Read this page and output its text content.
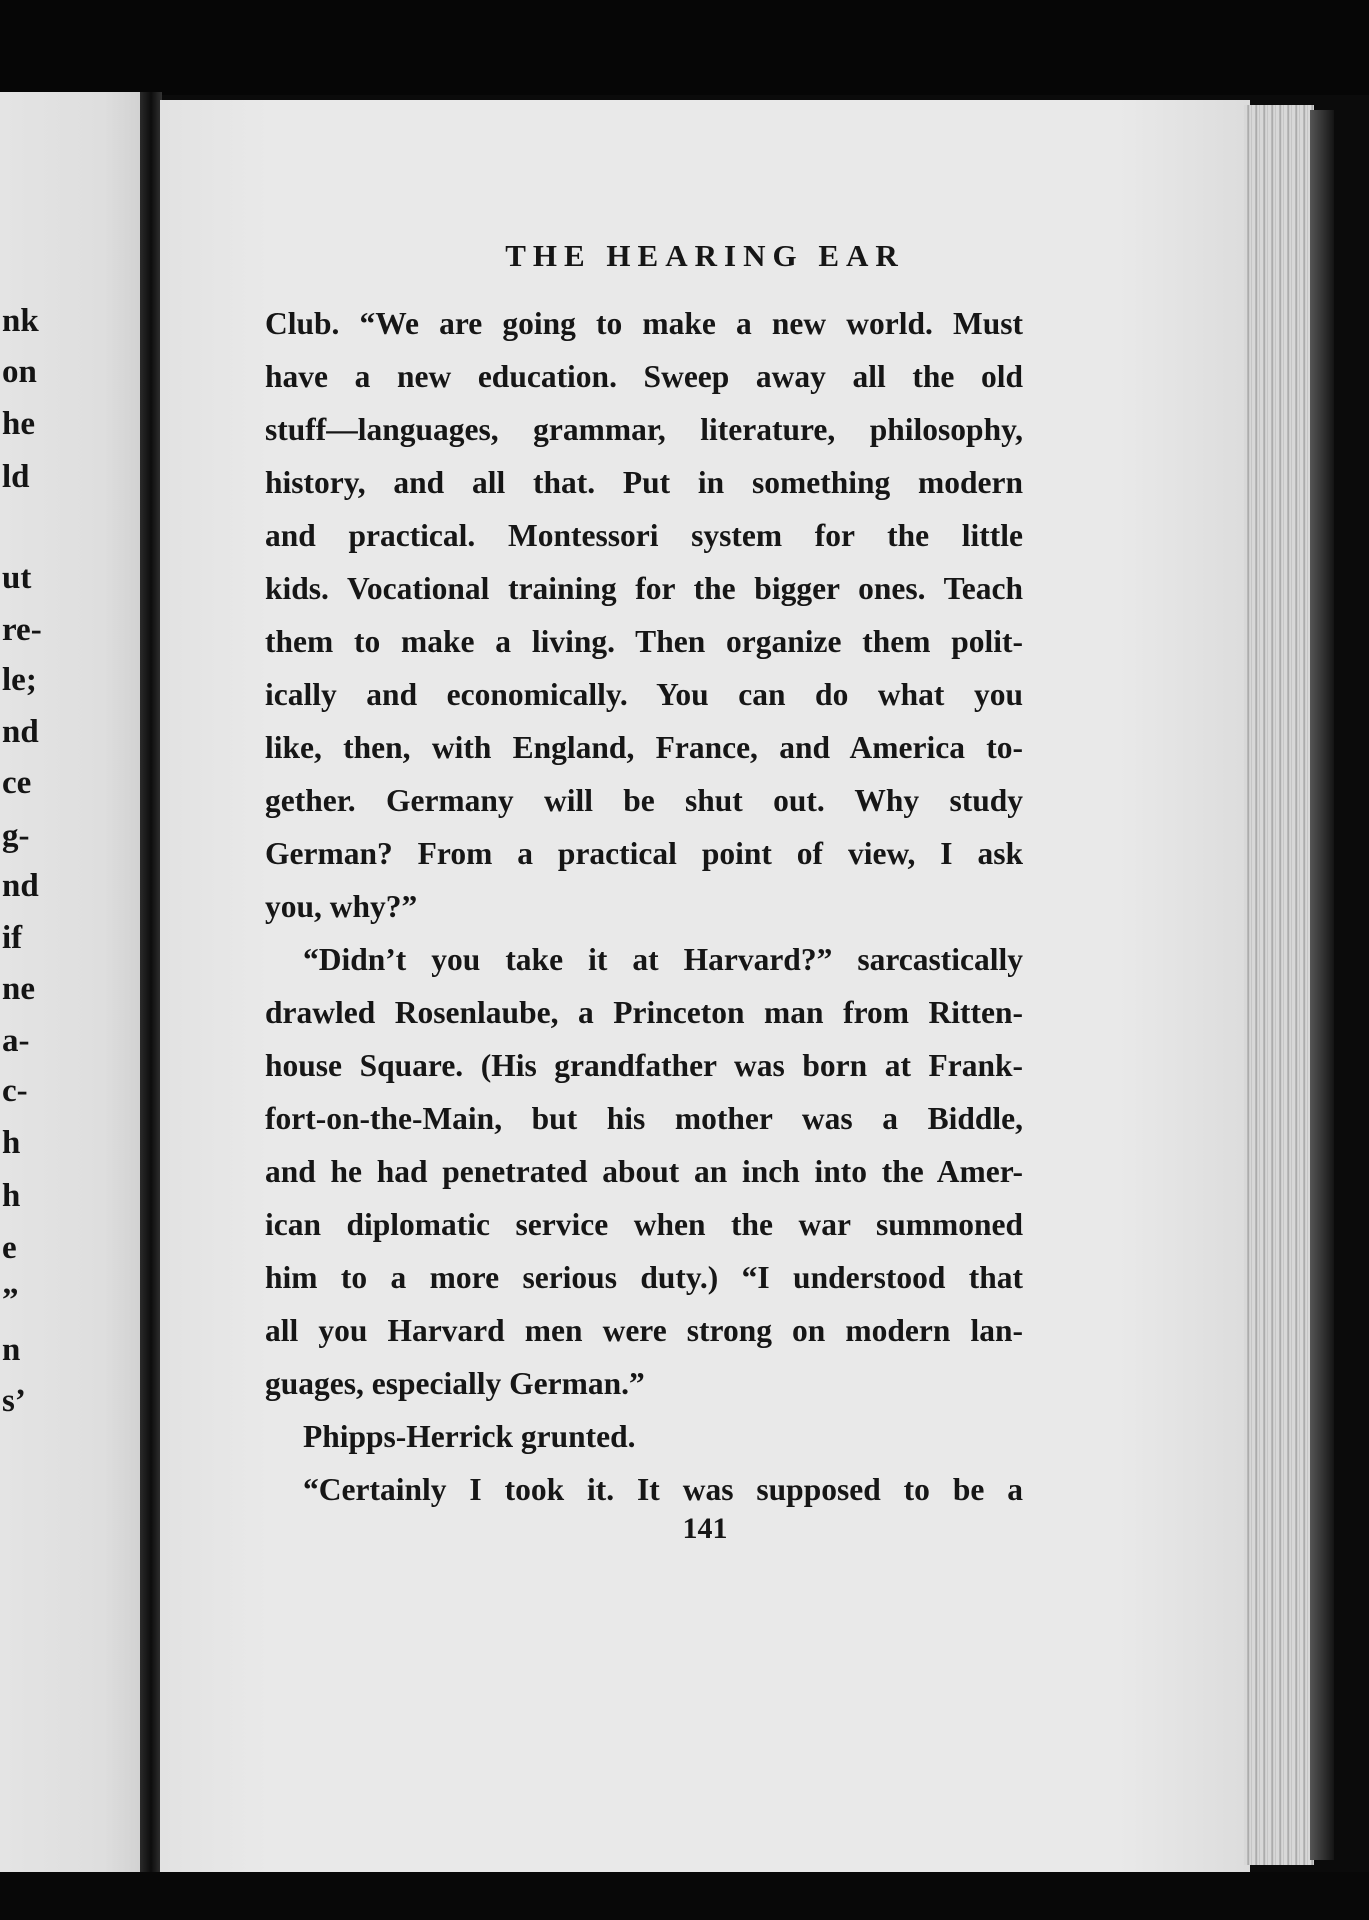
nk
on
he
ld
ut
re-
le;
nd
ce
g-
nd
if
ne
a-
c-
h
h
e
”
n
s’
THE HEARING EAR
Club. “We are going to make a new world. Must
have a new education. Sweep away all the old
stuff—languages, grammar, literature, philosophy,
history, and all that. Put in something modern
and practical. Montessori system for the little
kids. Vocational training for the bigger ones. Teach
them to make a living. Then organize them polit-
ically and economically. You can do what you
like, then, with England, France, and America to-
gether. Germany will be shut out. Why study
German? From a practical point of view, I ask
you, why?”
“Didn’t you take it at Harvard?” sarcastically
drawled Rosenlaube, a Princeton man from Ritten-
house Square. (His grandfather was born at Frank-
fort-on-the-Main, but his mother was a Biddle,
and he had penetrated about an inch into the Amer-
ican diplomatic service when the war summoned
him to a more serious duty.) “I understood that
all you Harvard men were strong on modern lan-
guages, especially German.”
Phipps-Herrick grunted.
“Certainly I took it. It was supposed to be a
141
